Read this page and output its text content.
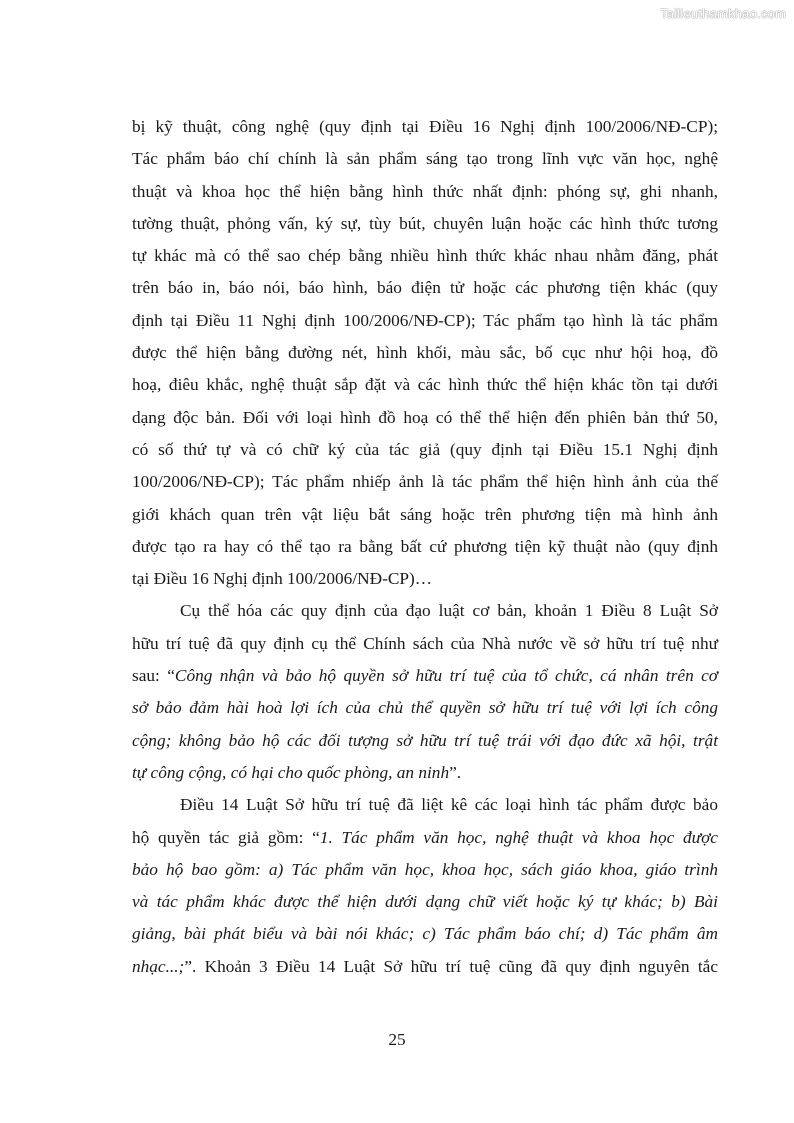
Tailieuthamkhao.com
bị kỹ thuật, công nghệ (quy định tại Điều 16 Nghị định 100/2006/NĐ-CP);
Tác phẩm báo chí chính là sản phẩm sáng tạo trong lĩnh vực văn học, nghệ
thuật và khoa học thể hiện bằng hình thức nhất định: phóng sự, ghi nhanh,
tường thuật, phỏng vấn, ký sự, tùy bút, chuyên luận hoặc các hình thức tương
tự khác mà có thể sao chép bằng nhiều hình thức khác nhau nhằm đăng, phát
trên báo in, báo nói, báo hình, báo điện tử hoặc các phương tiện khác (quy
định tại Điều 11 Nghị định 100/2006/NĐ-CP); Tác phẩm tạo hình là tác phẩm
được thể hiện bằng đường nét, hình khối, màu sắc, bố cục như hội hoạ, đồ
hoạ, điêu khắc, nghệ thuật sắp đặt và các hình thức thể hiện khác tồn tại dưới
dạng độc bản. Đối với loại hình đồ hoạ có thể thể hiện đến phiên bản thứ 50,
có số thứ tự và có chữ ký của tác giả (quy định tại Điều 15.1 Nghị định
100/2006/NĐ-CP); Tác phẩm nhiếp ảnh là tác phẩm thể hiện hình ảnh của thế
giới khách quan trên vật liệu bắt sáng hoặc trên phương tiện mà hình ảnh
được tạo ra hay có thể tạo ra bằng bất cứ phương tiện kỹ thuật nào (quy định
tại Điều 16 Nghị định 100/2006/NĐ-CP)…
Cụ thể hóa các quy định của đạo luật cơ bản, khoản 1 Điều 8 Luật Sở
hữu trí tuệ đã quy định cụ thể Chính sách của Nhà nước về sở hữu trí tuệ như
sau: “Công nhận và bảo hộ quyền sở hữu trí tuệ của tổ chức, cá nhân trên cơ
sở bảo đảm hài hoà lợi ích của chủ thể quyền sở hữu trí tuệ với lợi ích công
cộng; không bảo hộ các đối tượng sở hữu trí tuệ trái với đạo đức xã hội, trật
tự công cộng, có hại cho quốc phòng, an ninh”.
Điều 14 Luật Sở hữu trí tuệ đã liệt kê các loại hình tác phẩm được bảo
hộ quyền tác giả gồm: “1. Tác phẩm văn học, nghệ thuật và khoa học được
bảo hộ bao gồm: a) Tác phẩm văn học, khoa học, sách giáo khoa, giáo trình
và tác phẩm khác được thể hiện dưới dạng chữ viết hoặc ký tự khác; b) Bài
giảng, bài phát biểu và bài nói khác; c) Tác phẩm báo chí; d) Tác phẩm âm
nhạc...;”. Khoản 3 Điều 14 Luật Sở hữu trí tuệ cũng đã quy định nguyên tắc
25
